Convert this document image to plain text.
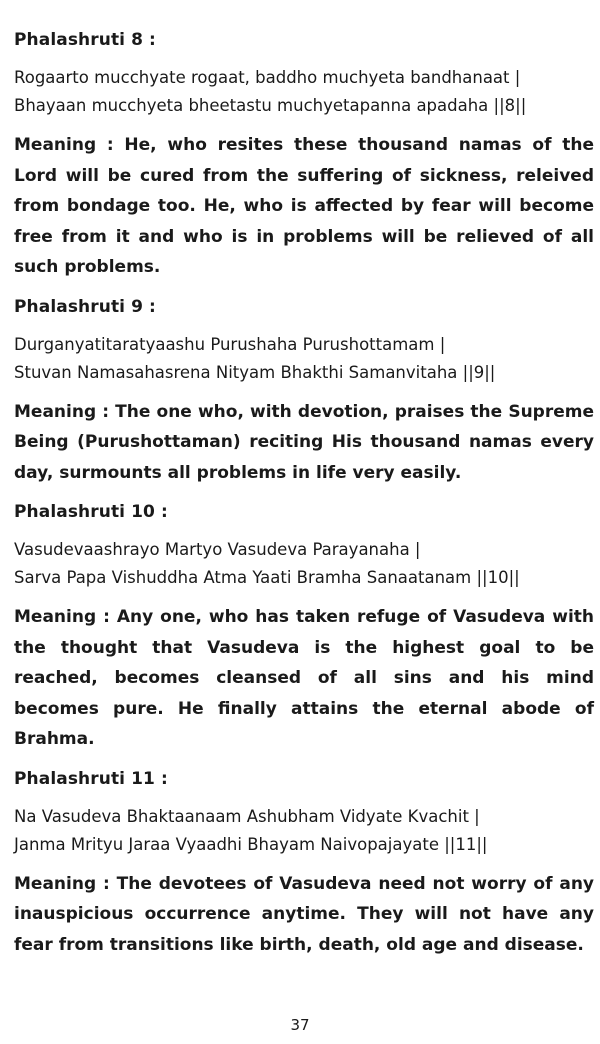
Phalashruti 8 :

Rogaarto mucchyate rogaat, baddho muchyeta bandhanaat |
Bhayaan mucchyeta bheetastu muchyetapanna apadaha ||8||

Meaning : He, who resites these thousand namas of the Lord will be cured from the suffering of sickness, releived from bondage too. He, who is affected by fear will become free from it and who is in problems will be relieved of all such problems.

Phalashruti 9 :

Durganyatitaratyaashu Purushaha Purushottamam |
Stuvan Namasahasrena Nityam Bhakthi Samanvitaha ||9||

Meaning : The one who, with devotion, praises the Supreme Being (Purushottaman) reciting His thousand namas every day, surmounts all problems in life very easily.

Phalashruti 10 :

Vasudevaashrayo Martyo Vasudeva Parayanaha |
Sarva Papa Vishuddha Atma Yaati Bramha Sanaatanam ||10||

Meaning : Any one, who has taken refuge of Vasudeva with the thought that Vasudeva is the highest goal to be reached, becomes cleansed of all sins and his mind becomes pure. He finally attains the eternal abode of Brahma.

Phalashruti 11 :

Na Vasudeva Bhaktaanaam Ashubham Vidyate Kvachit |
Janma Mrityu Jaraa Vyaadhi Bhayam Naivopajayate ||11||

Meaning : The devotees of Vasudeva need not worry of any inauspicious occurrence anytime. They will not have any fear from transitions like birth, death, old age and disease.

37
